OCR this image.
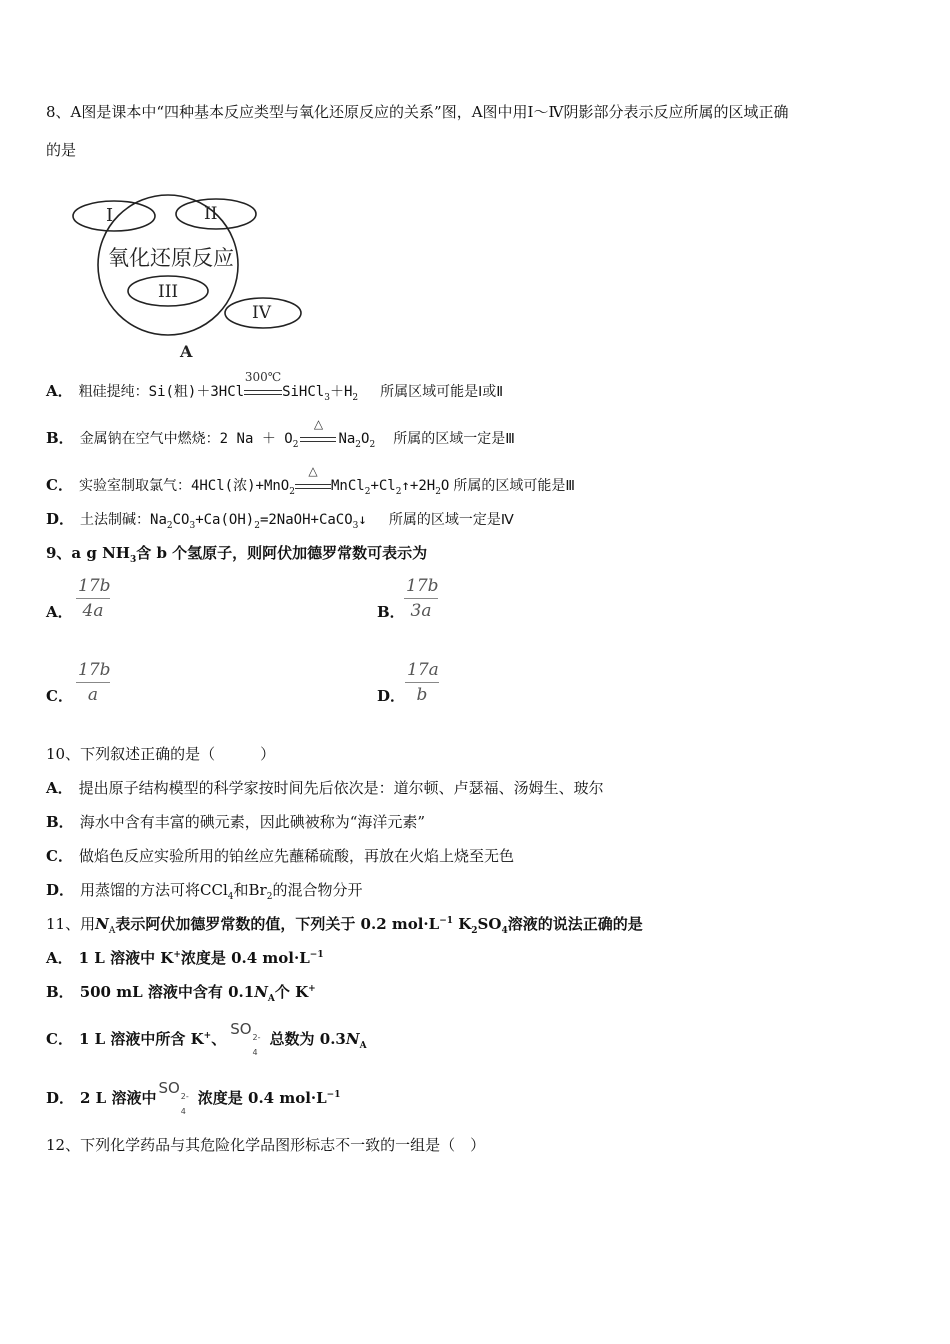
8、A图是课本中“四种基本反应类型与氧化还原反应的关系”图，A图中用Ⅰ～Ⅳ阴影部分表示反应所属的区域正确
的是
I	II
III
IV
氧化还原反应
A
A． 粗硅提纯：Si(粗)＋3HCl
300℃
$SiHCl_3+H_2$ 所属区域可能是Ⅰ或Ⅱ
B． 金属钠在空气中燃烧：2 $Na + O_2$
△
$Na_2O_2$ 所属的区域一定是Ⅲ
C． 实验室制取氯气：4HCl(浓)+MnO$_2$
△
$MnCl_2+Cl_2↑+2H_2O$ 所属的区域可能是Ⅲ
D． 土法制碱：$Na_2CO_3+Ca(OH)_2=2NaOH+CaCO_3↓$ 所属的区域一定是Ⅳ
9、a g $NH_3$含 b 个氢原子，则阿伏加德罗常数可表示为
A． $\frac{17b}{4a}$	B． $\frac{17b}{3a}$
C． $\frac{17b}{a}$	D． $\frac{17a}{b}$
10、下列叙述正确的是（　　　）
A． 提出原子结构模型的科学家按时间先后依次是：道尔顿、卢瑟福、汤姆生、玻尔
B． 海水中含有丰富的碘元素，因此碘被称为“海洋元素”
C． 做焰色反应实验所用的铂丝应先蘸稀硫酸，再放在火焰上烧至无色
D． 用蒸馏的方法可将CCl$_4$和$Br_2$的混合物分开
11、用$N_A$表示阿伏加德罗常数的值，下列关于 0.2 $mol\cdot L^{-1}$ $K_2SO_4$溶液的说法正确的是
A． 1 L 溶液中 K+浓度是 0.4 $mol\cdot L^{-1}$
B． 500 mL 溶液中含有 $0.1N_A$个 K+
C． 1 L 溶液中所含 K+、SO 2-
4
总数为 $0.3N_A$
D． 2 L 溶液中SO 2-
4
浓度是 0.4 $mol\cdot L^{-1}$
12、下列化学药品与其危险化学品图形标志不一致的一组是（　）
